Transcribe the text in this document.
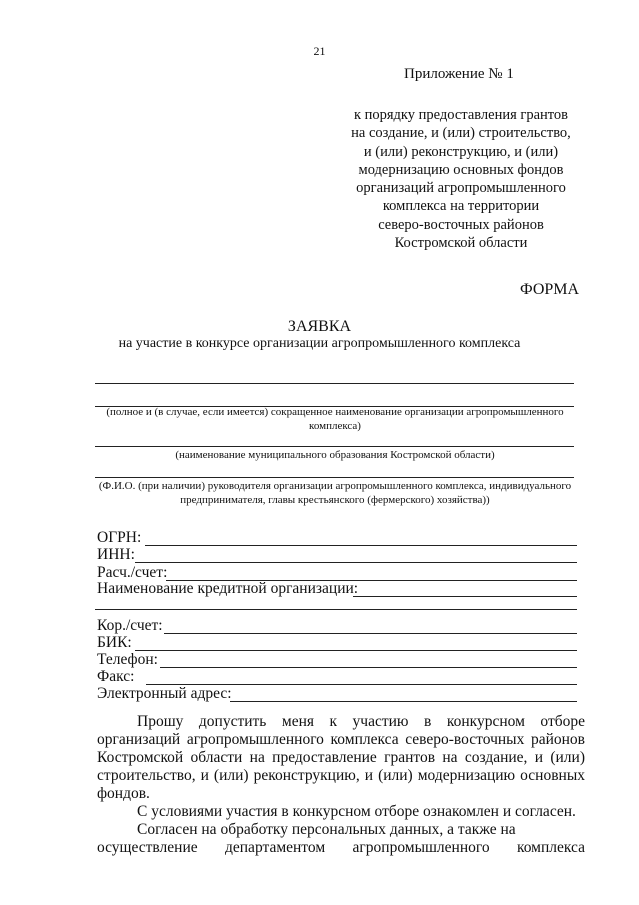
21
Приложение № 1
к порядку предоставления грантов
на создание, и (или) строительство,
и (или) реконструкцию, и (или)
модернизацию основных фондов
организаций агропромышленного
комплекса на территории
северо-восточных районов
Костромской области
ФОРМА
ЗАЯВКА
на участие в конкурсе организации агропромышленного комплекса
(полное и (в случае, если имеется) сокращенное наименование организации агропромышленного комплекса)
(наименование муниципального образования Костромской области)
(Ф.И.О. (при наличии) руководителя организации агропромышленного комплекса, индивидуального предпринимателя, главы крестьянского (фермерского) хозяйства))
ОГРН:
ИНН:
Расч./счет:
Наименование кредитной организации:
Кор./счет:
БИК:
Телефон:
Факс:
Электронный адрес:

Прошу допустить меня к участию в конкурсном отборе организаций агропромышленного комплекса северо-восточных районов Костромской области на предоставление грантов на создание, и (или) строительство, и (или) реконструкцию, и (или) модернизацию основных фондов.

С условиями участия в конкурсном отборе ознакомлен и согласен.

Согласен на обработку персональных данных, а также на

осуществление департаментом агропромышленного комплекса
